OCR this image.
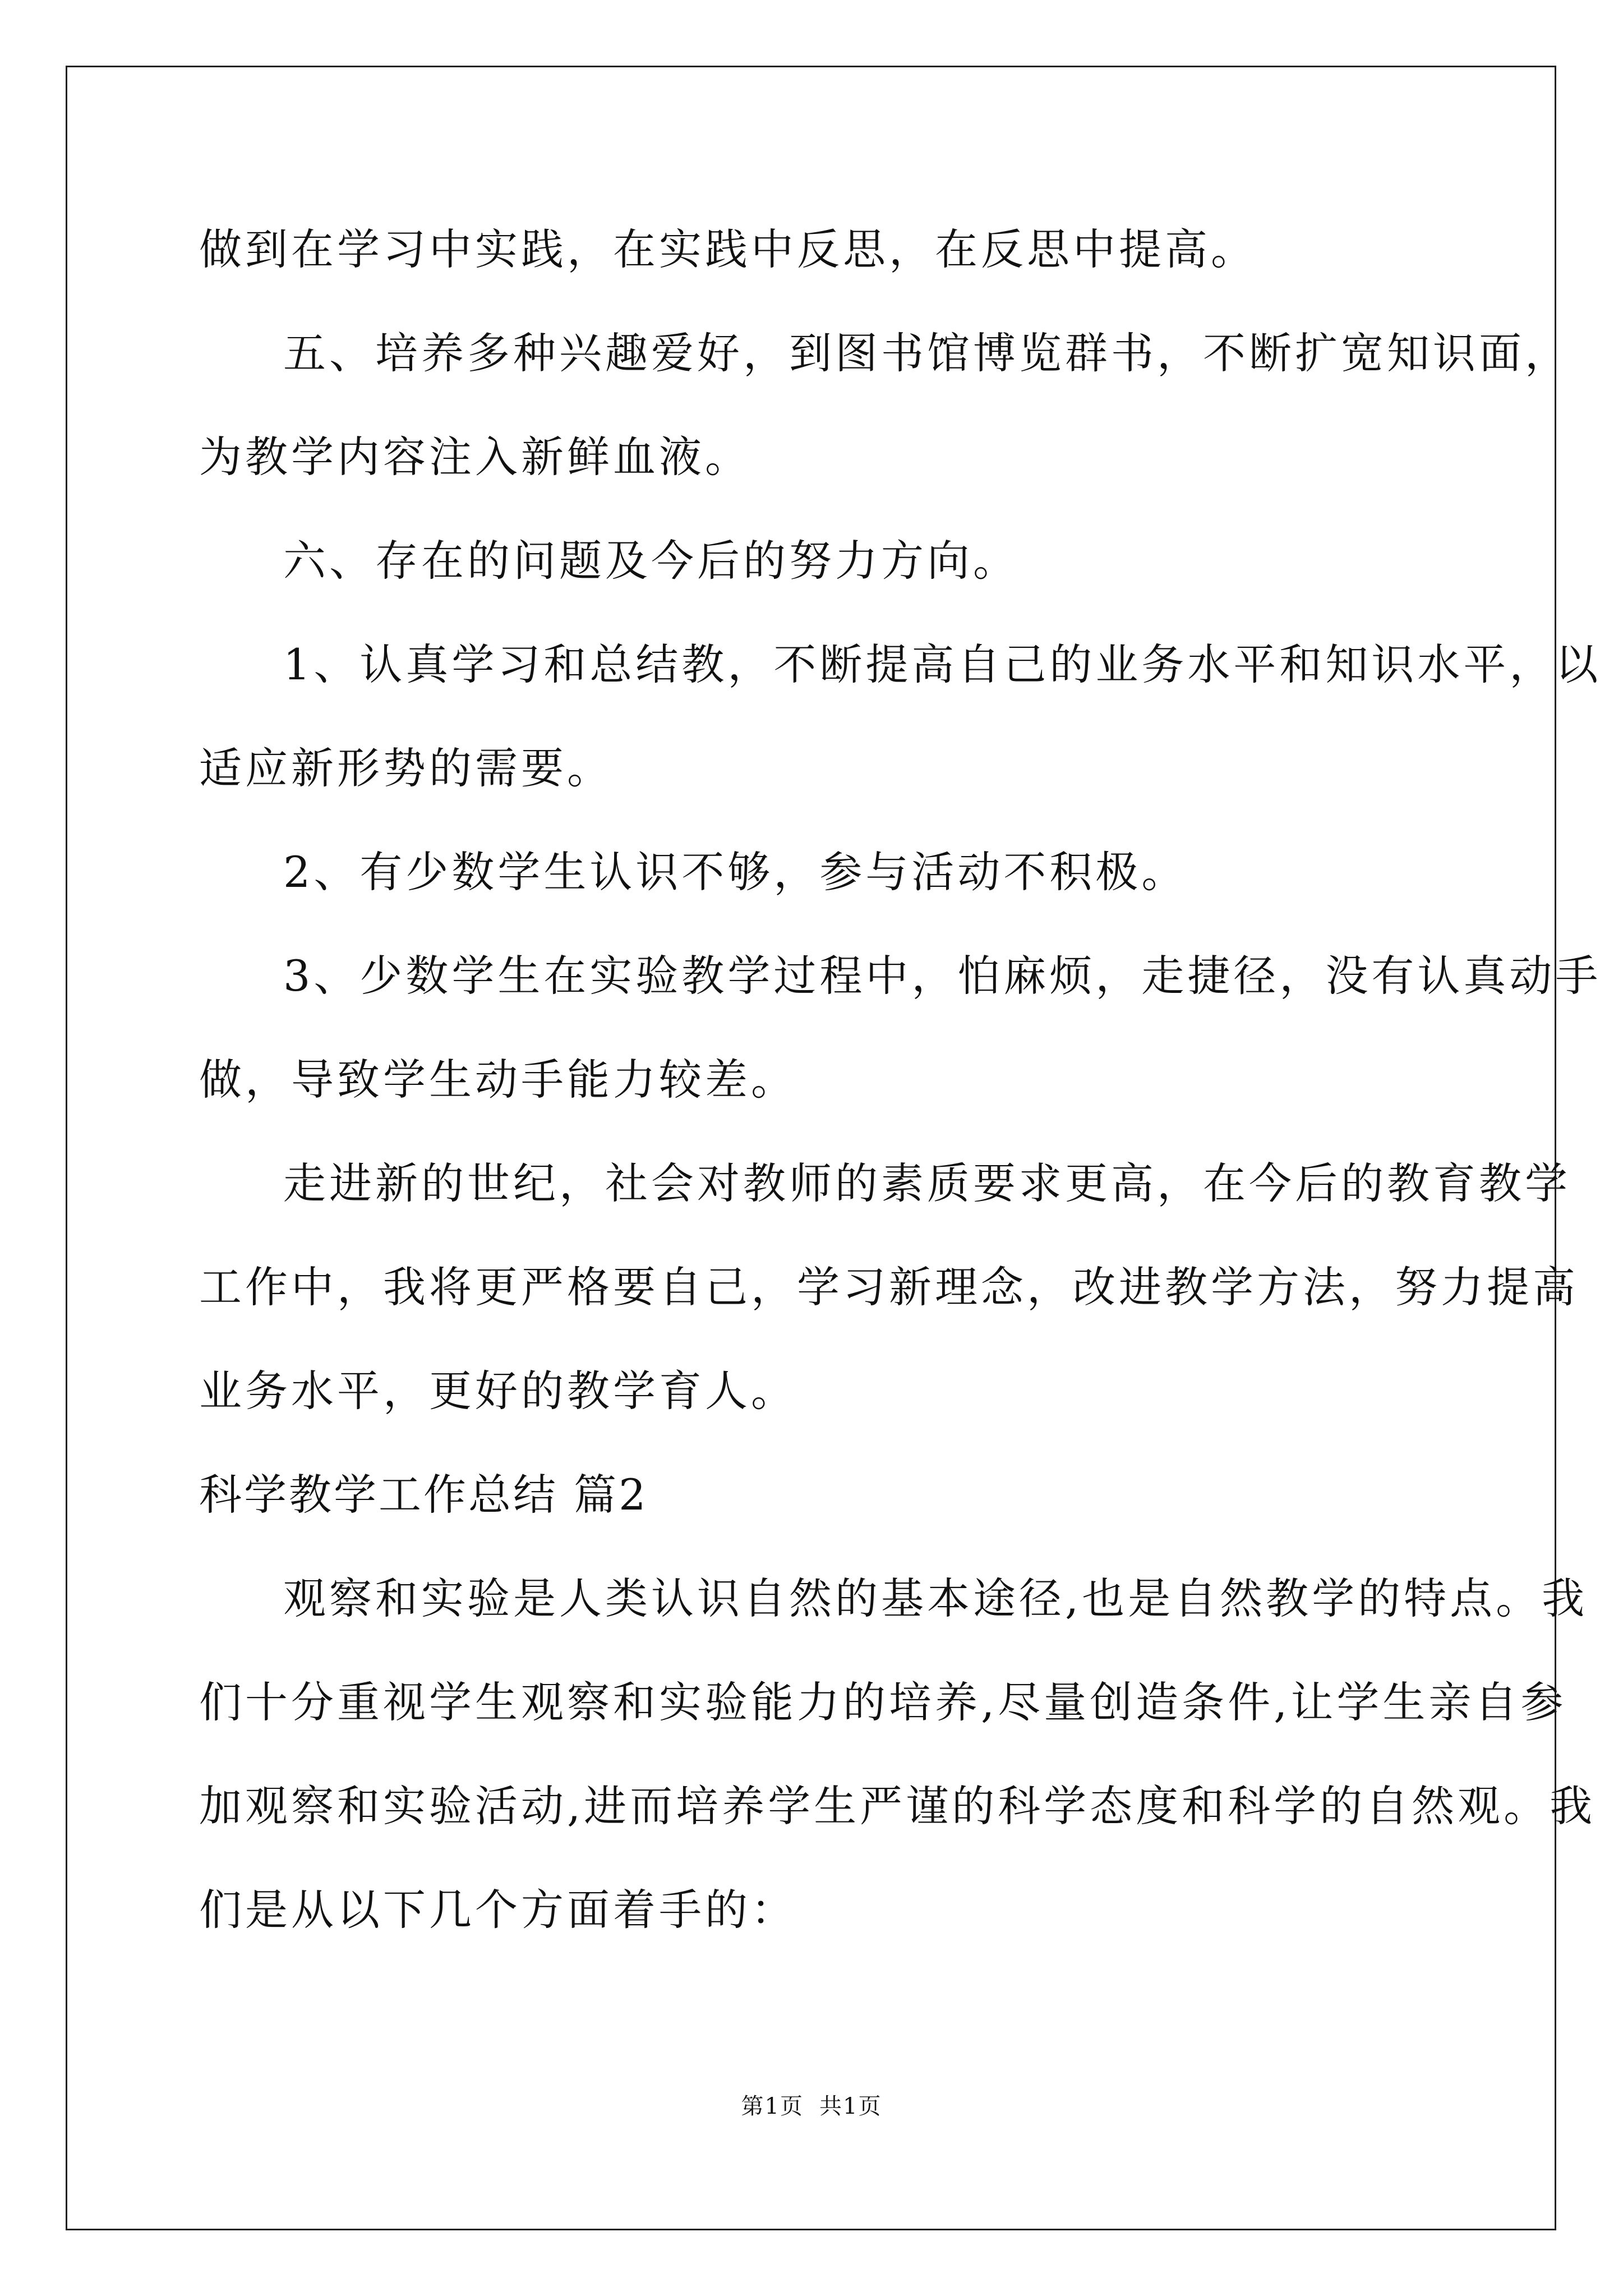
做到在学习中实践，在实践中反思，在反思中提高。
五、培养多种兴趣爱好，到图书馆博览群书，不断扩宽知识面，
为教学内容注入新鲜血液。
六、存在的问题及今后的努力方向。
1、认真学习和总结教，不断提高自己的业务水平和知识水平，以
适应新形势的需要。
2、有少数学生认识不够，参与活动不积极。
3、少数学生在实验教学过程中，怕麻烦，走捷径，没有认真动手
做，导致学生动手能力较差。
走进新的世纪，社会对教师的素质要求更高，在今后的教育教学
工作中，我将更严格要自己，学习新理念，改进教学方法，努力提高
业务水平，更好的教学育人。
科学教学工作总结 篇2
观察和实验是人类认识自然的基本途径,也是自然教学的特点。我
们十分重视学生观察和实验能力的培养,尽量创造条件,让学生亲自参
加观察和实验活动,进而培养学生严谨的科学态度和科学的自然观。我
们是从以下几个方面着手的：
第1页 共1页
